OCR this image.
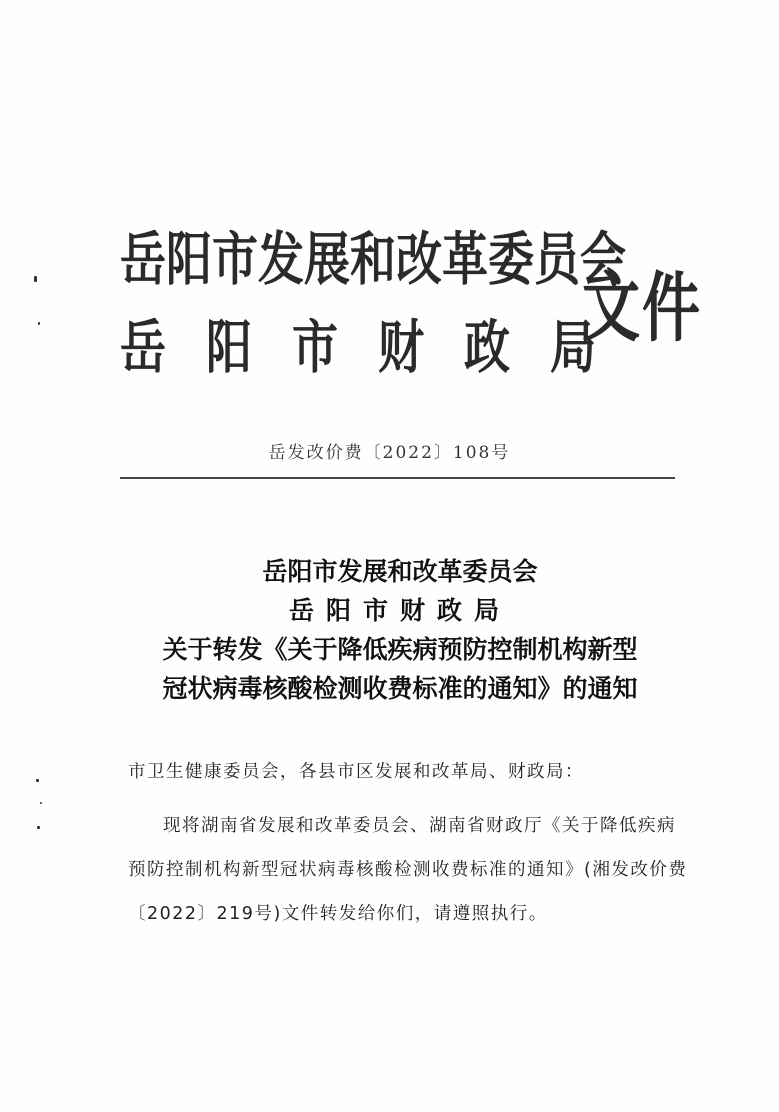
岳阳市发展和改革委员会
岳阳市财政局
文件
岳发改价费〔2022〕108号
岳阳市发展和改革委员会
岳阳市财政局
关于转发《关于降低疾病预防控制机构新型
冠状病毒核酸检测收费标准的通知》的通知
市卫生健康委员会，各县市区发展和改革局、财政局：
现将湖南省发展和改革委员会、湖南省财政厅《关于降低疾病预防控制机构新型冠状病毒核酸检测收费标准的通知》(湘发改价费〔2022〕219号)文件转发给你们，请遵照执行。
